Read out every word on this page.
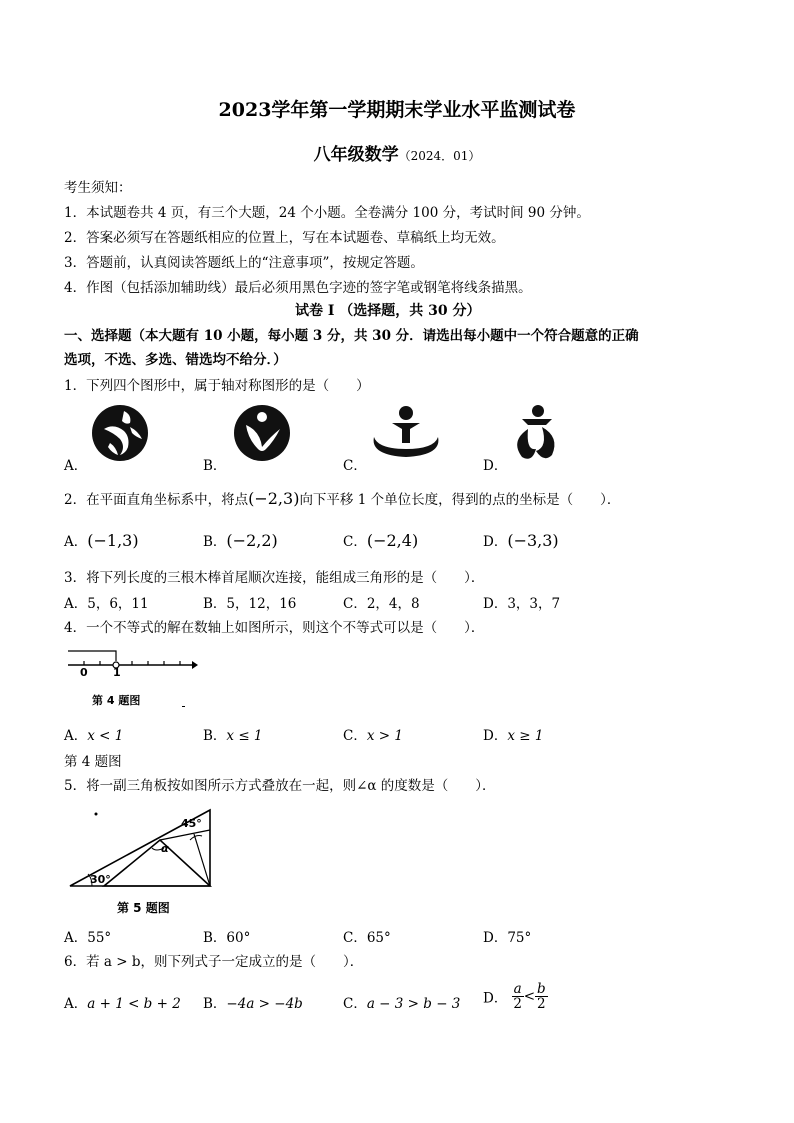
2023学年第一学期期末学业水平监测试卷
八年级数学（2024．01）
考生须知：
1．本试题卷共 4 页，有三个大题，24 个小题。全卷满分 100 分，考试时间 90 分钟。
2．答案必须写在答题纸相应的位置上，写在本试题卷、草稿纸上均无效。
3．答题前，认真阅读答题纸上的“注意事项”，按规定答题。
4．作图（包括添加辅助线）最后必须用黑色字迹的签字笔或钢笔将线条描黑。
试卷 I （选择题，共 30 分）
一、选择题（本大题有 10 小题，每小题 3 分，共 30 分．请选出每小题中一个符合题意的正确
选项，不选、多选、错选均不给分．）
1．下列四个图形中，属于轴对称图形的是（　　）
A．	B．	C．	D．
2．在平面直角坐标系中，将点(−2,3)向下平移 1 个单位长度，得到的点的坐标是（　　）．
A．(−1,3)	B．(−2,2)	C．(−2,4)	D．(−3,3)
3．将下列长度的三根木棒首尾顺次连接，能组成三角形的是（　　）．
A．5，6，11	B．5，12，16	C．2，4，8	D．3，3，7
4．一个不等式的解在数轴上如图所示，则这个不等式可以是（　　）．
0 1
第 4 题图
A．x < 1	B．x ≤ 1	C．x > 1	D．x ≥ 1
第 4 题图
5．将一副三角板按如图所示方式叠放在一起，则∠α 的度数是（　　）．
45°
α
30°
第 5 题图
A．55°	B．60°	C．65°	D．75°
6．若 a > b，则下列式子一定成立的是（　　）．
A．a + 1 < b + 2 B．−4a > −4b	C．a − 3 > b − 3 D． $\frac{a}{2} < \frac{b}{2}$
